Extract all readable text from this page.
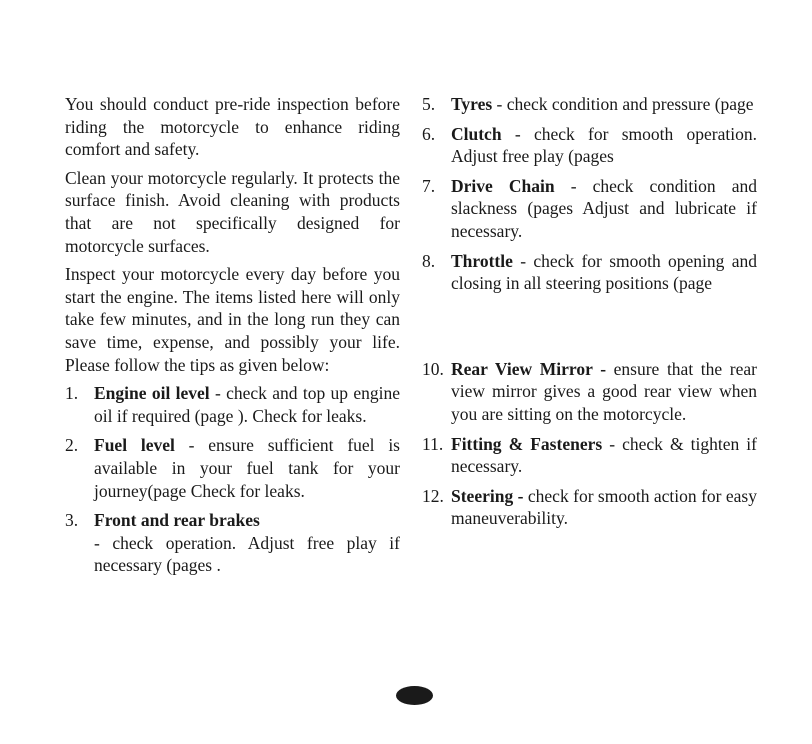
You should conduct pre-ride inspection before riding the motorcycle to enhance riding comfort and safety.

Clean your motorcycle regularly. It protects the surface finish. Avoid cleaning with products that are not specifically designed for motorcycle surfaces.

Inspect your motorcycle every day before you start the engine. The items listed here will only take few minutes, and in the long run they can save time, expense, and possibly your life. Please follow the tips as given below:

1. Engine oil level - check and top up engine oil if required (page ). Check for leaks.
2. Fuel level - ensure sufficient fuel is available in your fuel tank for your journey(page Check for leaks.
3. Front and rear brakes
- check operation. Adjust free play if necessary (pages .
5. Tyres - check condition and pressure (page
6. Clutch - check for smooth operation. Adjust free play (pages
7. Drive Chain - check condition and slackness (pages Adjust and lubricate if necessary.
8. Throttle - check for smooth opening and closing in all steering positions (page
10. Rear View Mirror - ensure that the rear view mirror gives a good rear view when you are sitting on the motorcycle.
11. Fitting & Fasteners - check & tighten if necessary.
12. Steering - check for smooth action for easy maneuverability.
